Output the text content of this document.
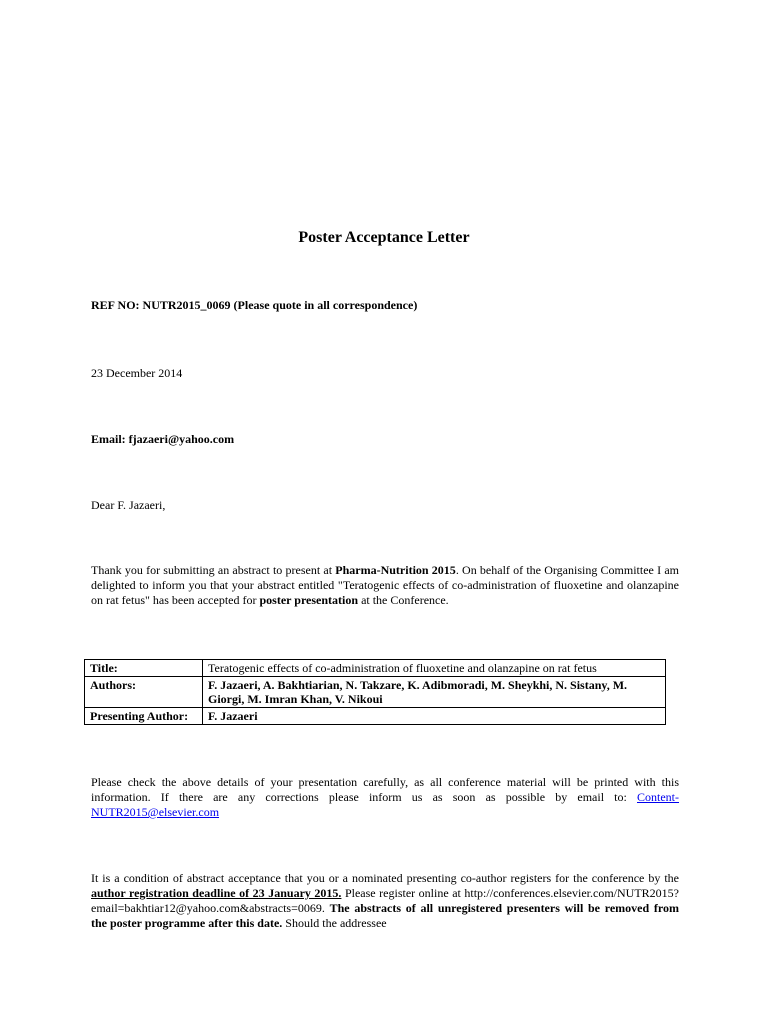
Poster Acceptance Letter
REF NO: NUTR2015_0069 (Please quote in all correspondence)
23 December 2014
Email: fjazaeri@yahoo.com
Dear F. Jazaeri,
Thank you for submitting an abstract to present at Pharma-Nutrition 2015. On behalf of the Organising Committee I am delighted to inform you that your abstract entitled "Teratogenic effects of co-administration of fluoxetine and olanzapine on rat fetus" has been accepted for poster presentation at the Conference.
Title:	Teratogenic effects of co-administration of fluoxetine and olanzapine on rat fetus
Authors:	F. Jazaeri, A. Bakhtiarian, N. Takzare, K. Adibmoradi, M. Sheykhi, N. Sistany, M. Giorgi, M. Imran Khan, V. Nikoui
Presenting Author:	F. Jazaeri
Please check the above details of your presentation carefully, as all conference material will be printed with this information. If there are any corrections please inform us as soon as possible by email to: Content-NUTR2015@elsevier.com
It is a condition of abstract acceptance that you or a nominated presenting co-author registers for the conference by the author registration deadline of 23 January 2015. Please register online at http://conferences.elsevier.com/NUTR2015?email=bakhtiar12@yahoo.com&abstracts=0069. The abstracts of all unregistered presenters will be removed from the poster programme after this date. Should the addressee
